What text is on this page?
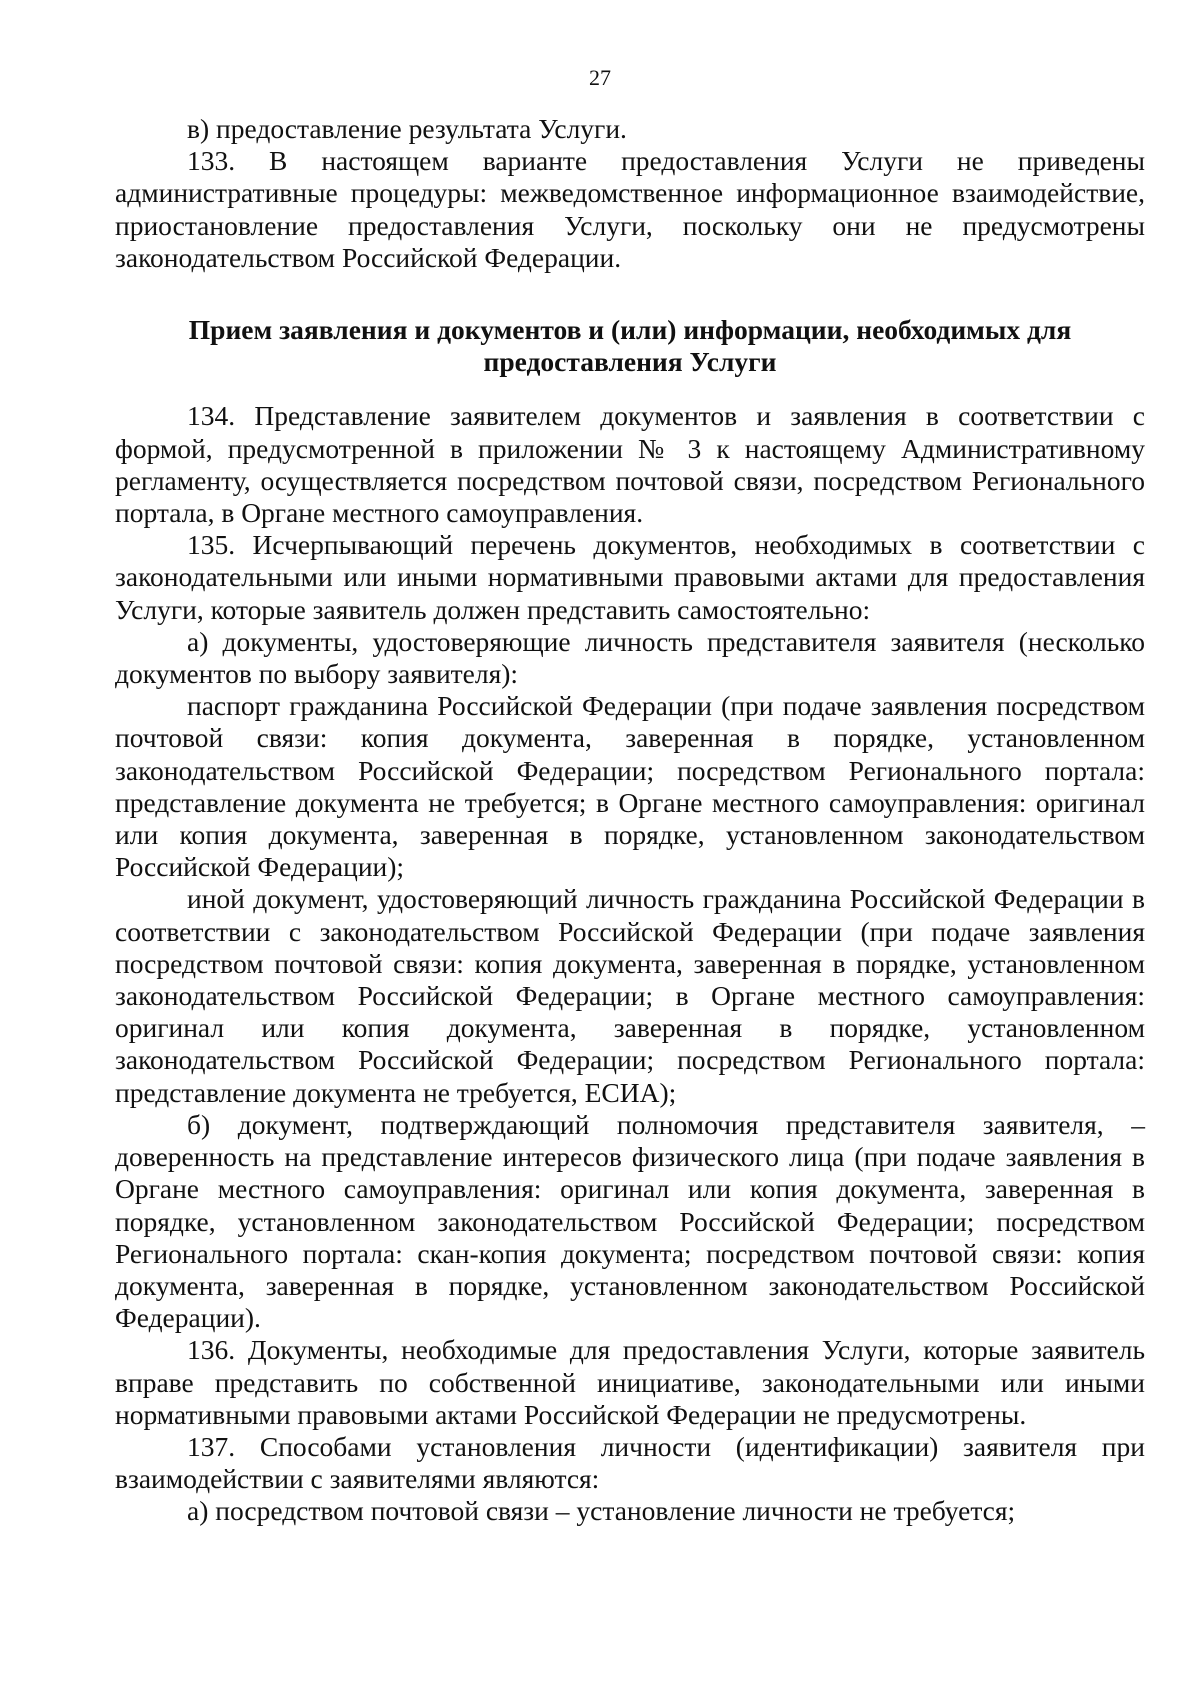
27

в) предоставление результата Услуги.

133. В настоящем варианте предоставления Услуги не приведены административные процедуры: межведомственное информационное взаимодействие, приостановление предоставления Услуги, поскольку они не предусмотрены законодательством Российской Федерации.

Прием заявления и документов и (или) информации, необходимых для
предоставления Услуги

134. Представление заявителем документов и заявления в соответствии с формой, предусмотренной в приложении № 3 к настоящему Административному регламенту, осуществляется посредством почтовой связи, посредством Регионального портала, в Органе местного самоуправления.

135. Исчерпывающий перечень документов, необходимых в соответствии с законодательными или иными нормативными правовыми актами для предоставления Услуги, которые заявитель должен представить самостоятельно:

а) документы, удостоверяющие личность представителя заявителя (несколько документов по выбору заявителя):

паспорт гражданина Российской Федерации (при подаче заявления посредством почтовой связи: копия документа, заверенная в порядке, установленном законодательством Российской Федерации; посредством Регионального портала: представление документа не требуется; в Органе местного самоуправления: оригинал или копия документа, заверенная в порядке, установленном законодательством Российской Федерации);

иной документ, удостоверяющий личность гражданина Российской Федерации в соответствии с законодательством Российской Федерации (при подаче заявления посредством почтовой связи: копия документа, заверенная в порядке, установленном законодательством Российской Федерации; в Органе местного самоуправления: оригинал или копия документа, заверенная в порядке, установленном законодательством Российской Федерации; посредством Регионального портала: представление документа не требуется, ЕСИА);

б) документ, подтверждающий полномочия представителя заявителя, – доверенность на представление интересов физического лица (при подаче заявления в Органе местного самоуправления: оригинал или копия документа, заверенная в порядке, установленном законодательством Российской Федерации; посредством Регионального портала: скан-копия документа; посредством почтовой связи: копия документа, заверенная в порядке, установленном законодательством Российской Федерации).

136. Документы, необходимые для предоставления Услуги, которые заявитель вправе представить по собственной инициативе, законодательными или иными нормативными правовыми актами Российской Федерации не предусмотрены.

137. Способами установления личности (идентификации) заявителя при взаимодействии с заявителями являются:

а) посредством почтовой связи – установление личности не требуется;
